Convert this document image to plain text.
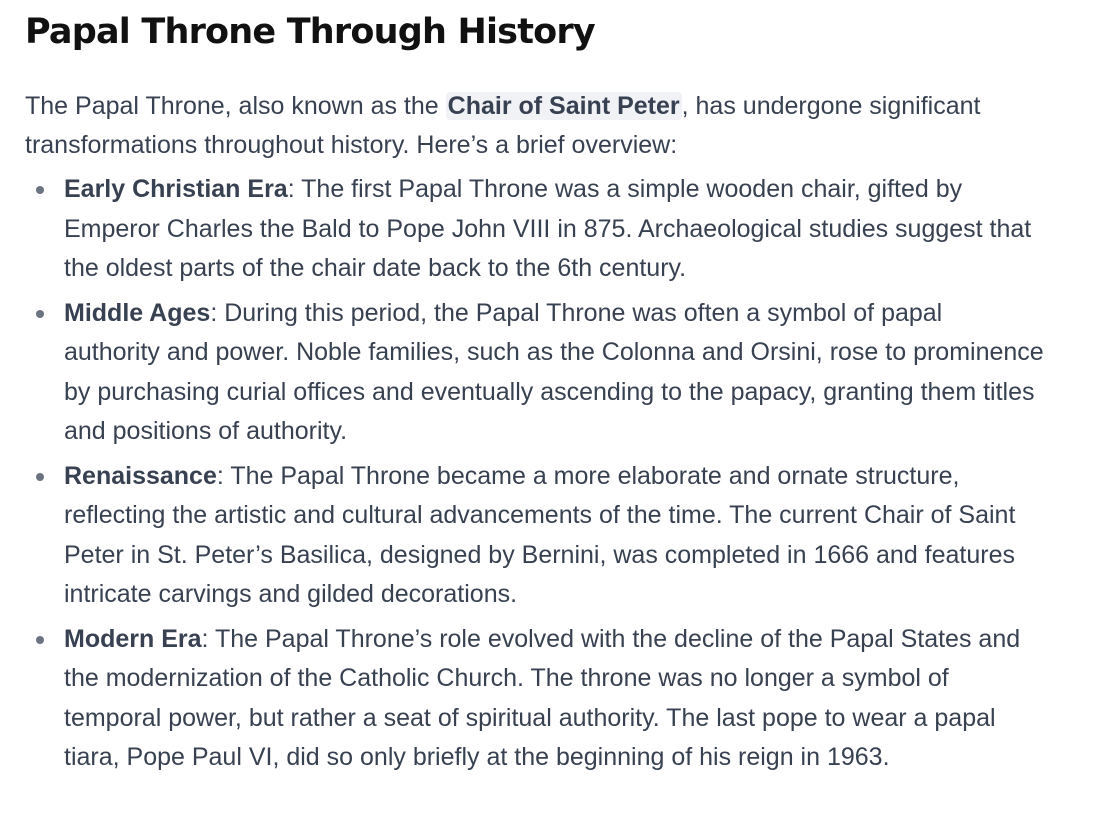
Papal Throne Through History

The Papal Throne, also known as the Chair of Saint Peter, has undergone significant transformations throughout history. Here’s a brief overview:

Early Christian Era: The first Papal Throne was a simple wooden chair, gifted by Emperor Charles the Bald to Pope John VIII in 875. Archaeological studies suggest that the oldest parts of the chair date back to the 6th century.
Middle Ages: During this period, the Papal Throne was often a symbol of papal authority and power. Noble families, such as the Colonna and Orsini, rose to prominence by purchasing curial offices and eventually ascending to the papacy, granting them titles and positions of authority.
Renaissance: The Papal Throne became a more elaborate and ornate structure, reflecting the artistic and cultural advancements of the time. The current Chair of Saint Peter in St. Peter’s Basilica, designed by Bernini, was completed in 1666 and features intricate carvings and gilded decorations.
Modern Era: The Papal Throne’s role evolved with the decline of the Papal States and the modernization of the Catholic Church. The throne was no longer a symbol of temporal power, but rather a seat of spiritual authority. The last pope to wear a papal tiara, Pope Paul VI, did so only briefly at the beginning of his reign in 1963.
